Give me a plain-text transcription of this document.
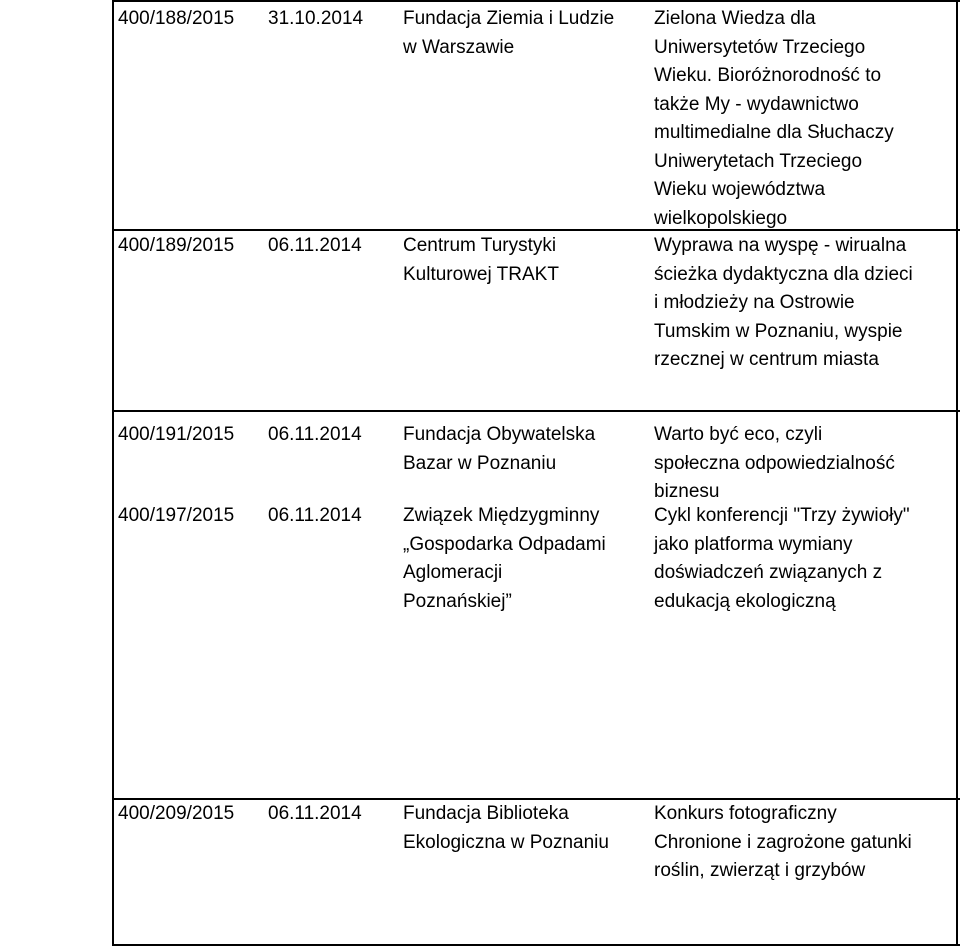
400/188/2015 31.10.2014 Fundacja Ziemia i Ludzie
w Warszawie
Zielona Wiedza dla
Uniwersytetów Trzeciego
Wieku. Bioróżnorodność to
także My - wydawnictwo
multimedialne dla Słuchaczy
Uniwerytetach Trzeciego
Wieku województwa
wielkopolskiego
400/189/2015 06.11.2014 Centrum Turystyki
Kulturowej TRAKT
Wyprawa na wyspę - wirualna
ścieżka dydaktyczna dla dzieci
i młodzieży na Ostrowie
Tumskim w Poznaniu, wyspie
rzecznej w centrum miasta
400/191/2015 06.11.2014 Fundacja Obywatelska
Bazar w Poznaniu
Warto być eco, czyli
społeczna odpowiedzialność
biznesu
400/197/2015 06.11.2014 Związek Międzygminny
„Gospodarka Odpadami
Aglomeracji
Poznańskiej”
Cykl konferencji "Trzy żywioły"
jako platforma wymiany
doświadczeń związanych z
edukacją ekologiczną
400/209/2015 06.11.2014 Fundacja Biblioteka
Ekologiczna w Poznaniu
Konkurs fotograficzny
Chronione i zagrożone gatunki
roślin, zwierząt i grzybów
